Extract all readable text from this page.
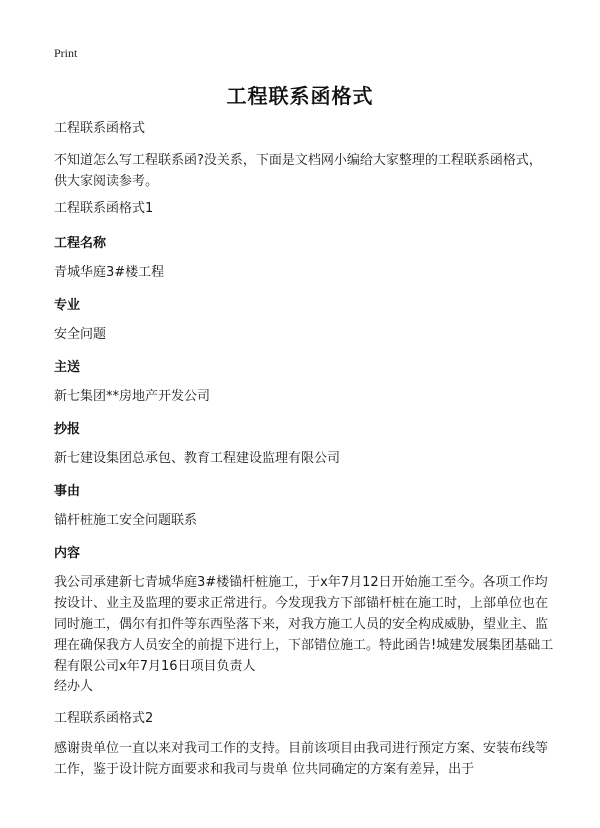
Print
工程联系函格式

工程联系函格式

不知道怎么写工程联系函?没关系，下面是文档网小编给大家整理的工程联系函格式，供大家阅读参考。

工程联系函格式1

工程名称

青城华庭3#楼工程

专业

安全问题

主送

新七集团**房地产开发公司

抄报

新七建设集团总承包、教育工程建设监理有限公司

事由

锚杆桩施工安全问题联系

内容

我公司承建新七青城华庭3#楼锚杆桩施工，于x年7月12日开始施工至今。各项工作均按设计、业主及监理的要求正常进行。今发现我方下部锚杆桩在施工时，上部单位也在同时施工，偶尔有扣件等东西坠落下来，对我方施工人员的安全构成威胁，望业主、监理在确保我方人员安全的前提下进行上，下部错位施工。特此函告!城建发展集团基础工程有限公司x年7月16日项目负责人

经办人

工程联系函格式2

感谢贵单位一直以来对我司工作的支持。目前该项目由我司进行预定方案、安装布线等工作，鉴于设计院方面要求和我司与贵单 位共同确定的方案有差异，出于
